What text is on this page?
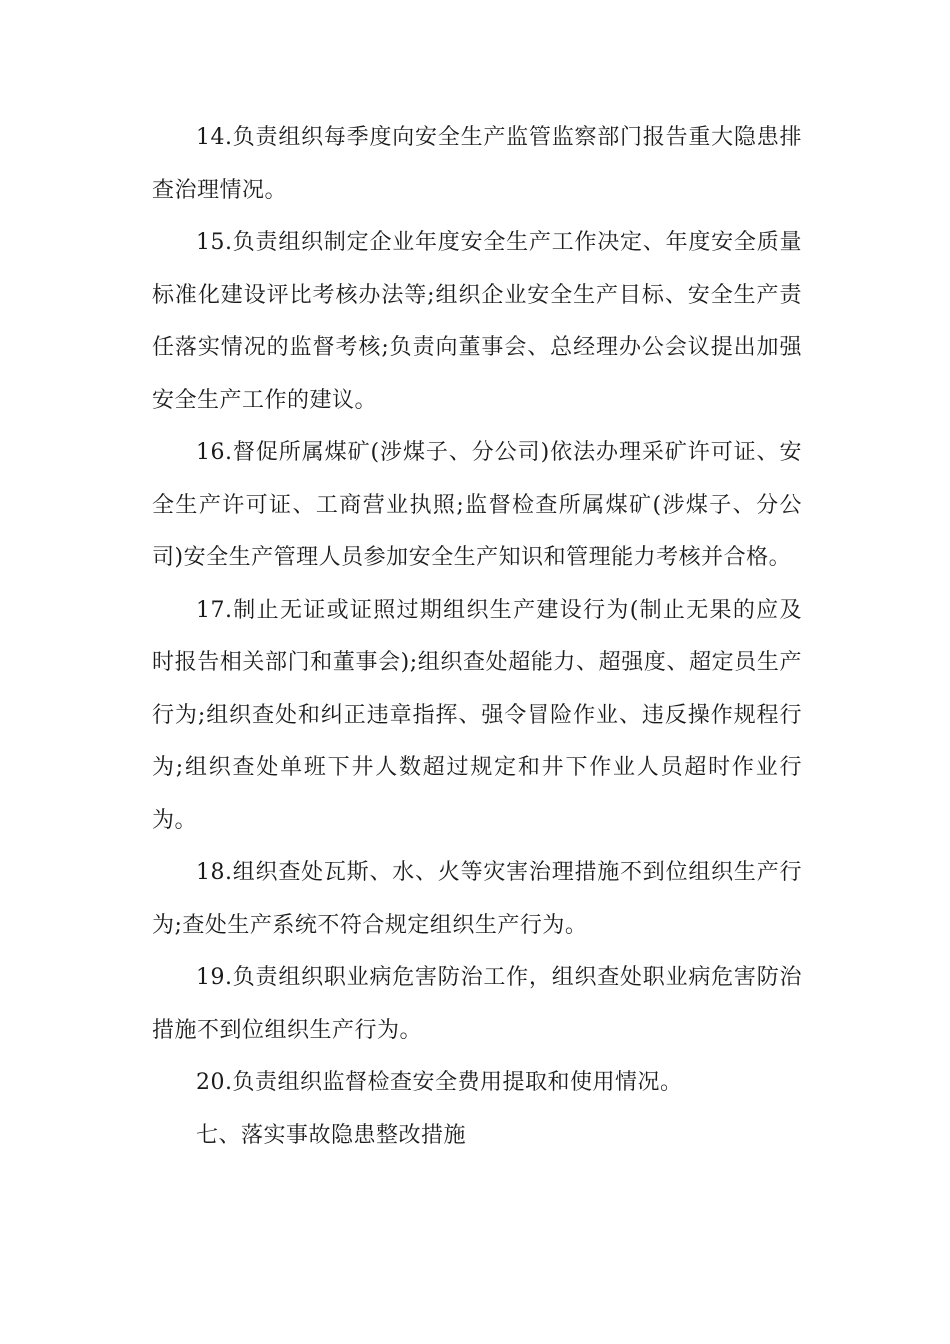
14.负责组织每季度向安全生产监管监察部门报告重大隐患排查治理情况。

15.负责组织制定企业年度安全生产工作决定、年度安全质量标准化建设评比考核办法等;组织企业安全生产目标、安全生产责任落实情况的监督考核;负责向董事会、总经理办公会议提出加强安全生产工作的建议。

16.督促所属煤矿(涉煤子、分公司)依法办理采矿许可证、安全生产许可证、工商营业执照;监督检查所属煤矿(涉煤子、分公司)安全生产管理人员参加安全生产知识和管理能力考核并合格。

17.制止无证或证照过期组织生产建设行为(制止无果的应及时报告相关部门和董事会);组织查处超能力、超强度、超定员生产行为;组织查处和纠正违章指挥、强令冒险作业、违反操作规程行为;组织查处单班下井人数超过规定和井下作业人员超时作业行为。

18.组织查处瓦斯、水、火等灾害治理措施不到位组织生产行为;查处生产系统不符合规定组织生产行为。

19.负责组织职业病危害防治工作，组织查处职业病危害防治措施不到位组织生产行为。

20.负责组织监督检查安全费用提取和使用情况。

七、落实事故隐患整改措施
